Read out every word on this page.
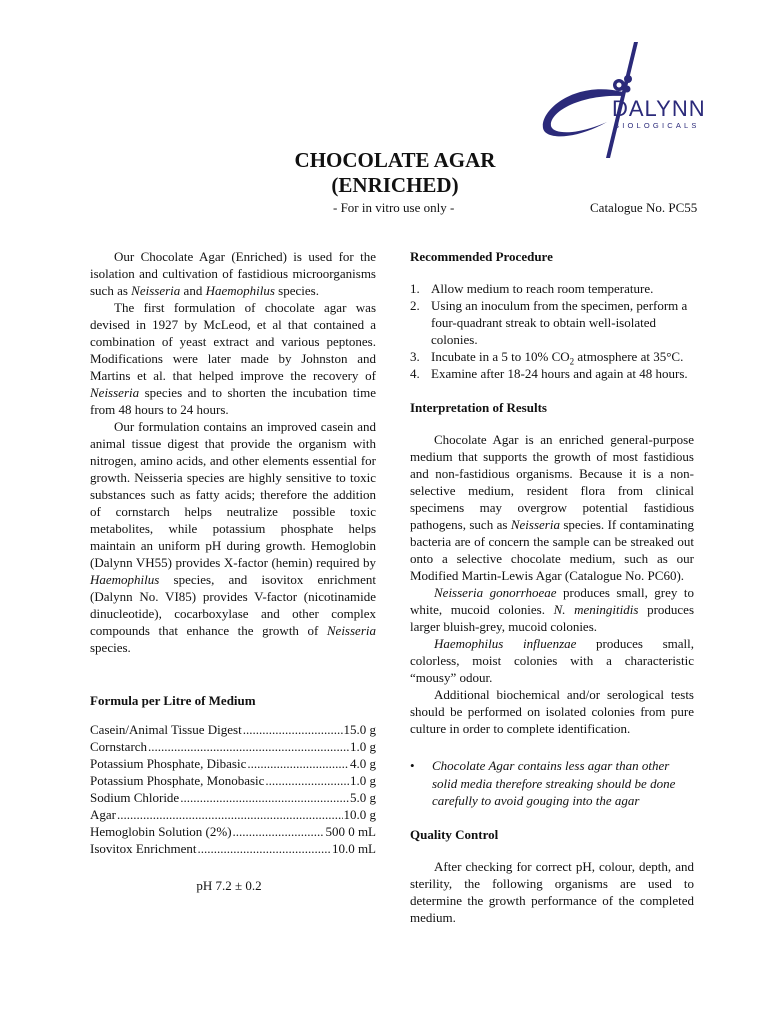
DALYNN
BIOLOGICALS
CHOCOLATE AGAR
(ENRICHED)
- For in vitro use only -	Catalogue No. PC55

Our Chocolate Agar (Enriched) is used for the isolation and cultivation of fastidious microorganisms such as Neisseria and Haemophilus species.

The first formulation of chocolate agar was devised in 1927 by McLeod, et al that contained a combination of yeast extract and various peptones. Modifications were later made by Johnston and Martins et al. that helped improve the recovery of Neisseria species and to shorten the incubation time from 48 hours to 24 hours.

Our formulation contains an improved casein and animal tissue digest that provide the organism with nitrogen, amino acids, and other elements essential for growth. Neisseria species are highly sensitive to toxic substances such as fatty acids; therefore the addition of cornstarch helps neutralize possible toxic metabolites, while potassium phosphate helps maintain an uniform pH during growth. Hemoglobin (Dalynn VH55) provides X-factor (hemin) required by Haemophilus species, and isovitox enrichment (Dalynn No. VI85) provides V-factor (nicotinamide dinucleotide), cocarboxylase and other complex compounds that enhance the growth of Neisseria species.

Formula per Litre of Medium
Casein/Animal Tissue Digest .....	15.0 g
Cornstarch .....	1.0 g
Potassium Phosphate, Dibasic .....	4.0 g
Potassium Phosphate, Monobasic .....	1.0 g
Sodium Chloride .....	5.0 g
Agar .....	10.0 g
Hemoglobin Solution (2%) .....	500 0 mL
Isovitox Enrichment .....	10.0 mL

pH 7.2 ± 0.2

Recommended Procedure
1. Allow medium to reach room temperature.
2. Using an inoculum from the specimen, perform a four-quadrant streak to obtain well-isolated colonies.
3. Incubate in a 5 to 10% $CO_2$ atmosphere at 35°C.
4. Examine after 18-24 hours and again at 48 hours.
Interpretation of Results

Chocolate Agar is an enriched general-purpose medium that supports the growth of most fastidious and non-fastidious organisms. Because it is a non-selective medium, resident flora from clinical specimens may overgrow potential fastidious pathogens, such as Neisseria species. If contaminating bacteria are of concern the sample can be streaked out onto a selective chocolate medium, such as our Modified Martin-Lewis Agar (Catalogue No. PC60).

Neisseria gonorrhoeae produces small, grey to white, mucoid colonies. N. meningitidis produces larger bluish-grey, mucoid colonies.

Haemophilus influenzae produces small, colorless, moist colonies with a characteristic “mousy” odour.

Additional biochemical and/or serological tests should be performed on isolated colonies from pure culture in order to complete identification.

•	Chocolate Agar contains less agar than other solid media therefore streaking should be done carefully to avoid gouging into the agar
Quality Control

After checking for correct pH, colour, depth, and sterility, the following organisms are used to determine the growth performance of the completed medium.
